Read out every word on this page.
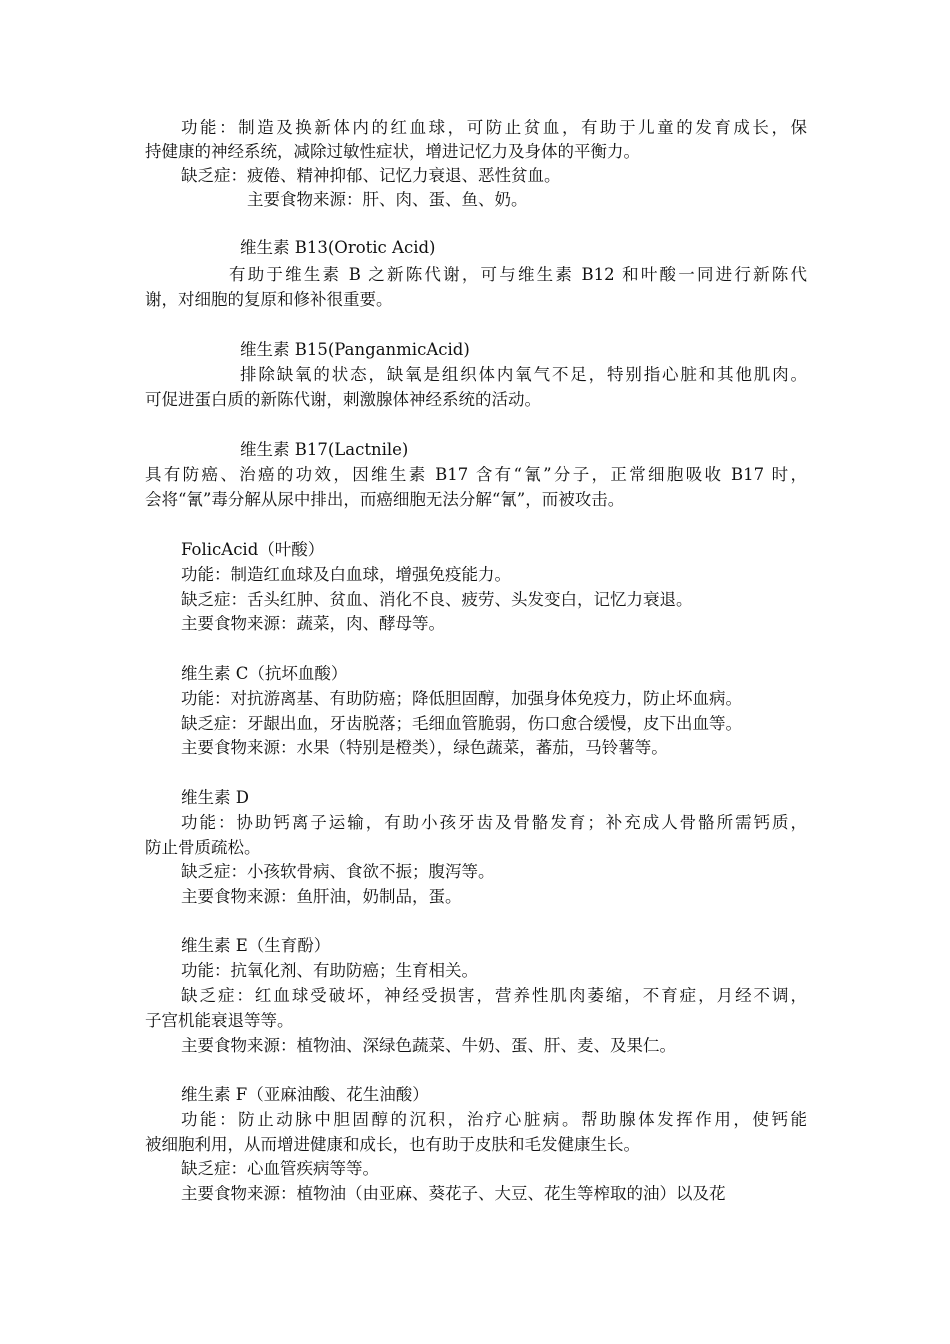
功能：制造及换新体内的红血球，可防止贫血，有助于儿童的发育成长，保
持健康的神经系统，减除过敏性症状，增进记忆力及身体的平衡力。
缺乏症：疲倦、精神抑郁、记忆力衰退、恶性贫血。
主要食物来源：肝、肉、蛋、鱼、奶。
维生素 B13(Orotic Acid)
有助于维生素 B 之新陈代谢，可与维生素 B12 和叶酸一同进行新陈代
谢，对细胞的复原和修补很重要。
维生素 B15(PanganmicAcid)
排除缺氧的状态，缺氧是组织体内氧气不足，特别指心脏和其他肌肉。
可促进蛋白质的新陈代谢，刺激腺体神经系统的活动。
维生素 B17(Lactnile)
具有防癌、治癌的功效，因维生素 B17 含有“氰”分子，正常细胞吸收 B17 时，
会将“氰”毒分解从尿中排出，而癌细胞无法分解“氰”，而被攻击。
FolicAcid（叶酸）
功能：制造红血球及白血球，增强免疫能力。
缺乏症：舌头红肿、贫血、消化不良、疲劳、头发变白，记忆力衰退。
主要食物来源：蔬菜，肉、酵母等。
维生素 C（抗坏血酸）
功能：对抗游离基、有助防癌；降低胆固醇，加强身体免疫力，防止坏血病。
缺乏症：牙龈出血，牙齿脱落；毛细血管脆弱，伤口愈合缓慢，皮下出血等。
主要食物来源：水果（特别是橙类），绿色蔬菜，蕃茄，马铃薯等。
维生素 D
功能：协助钙离子运输，有助小孩牙齿及骨骼发育；补充成人骨骼所需钙质，
防止骨质疏松。
缺乏症：小孩软骨病、食欲不振；腹泻等。
主要食物来源：鱼肝油，奶制品，蛋。
维生素 E（生育酚）
功能：抗氧化剂、有助防癌；生育相关。
缺乏症：红血球受破坏，神经受损害，营养性肌肉萎缩，不育症，月经不调，
子宫机能衰退等等。
主要食物来源：植物油、深绿色蔬菜、牛奶、蛋、肝、麦、及果仁。
维生素 F（亚麻油酸、花生油酸）
功能：防止动脉中胆固醇的沉积，治疗心脏病。帮助腺体发挥作用，使钙能
被细胞利用，从而增进健康和成长，也有助于皮肤和毛发健康生长。
缺乏症：心血管疾病等等。
主要食物来源：植物油（由亚麻、葵花子、大豆、花生等榨取的油）以及花
